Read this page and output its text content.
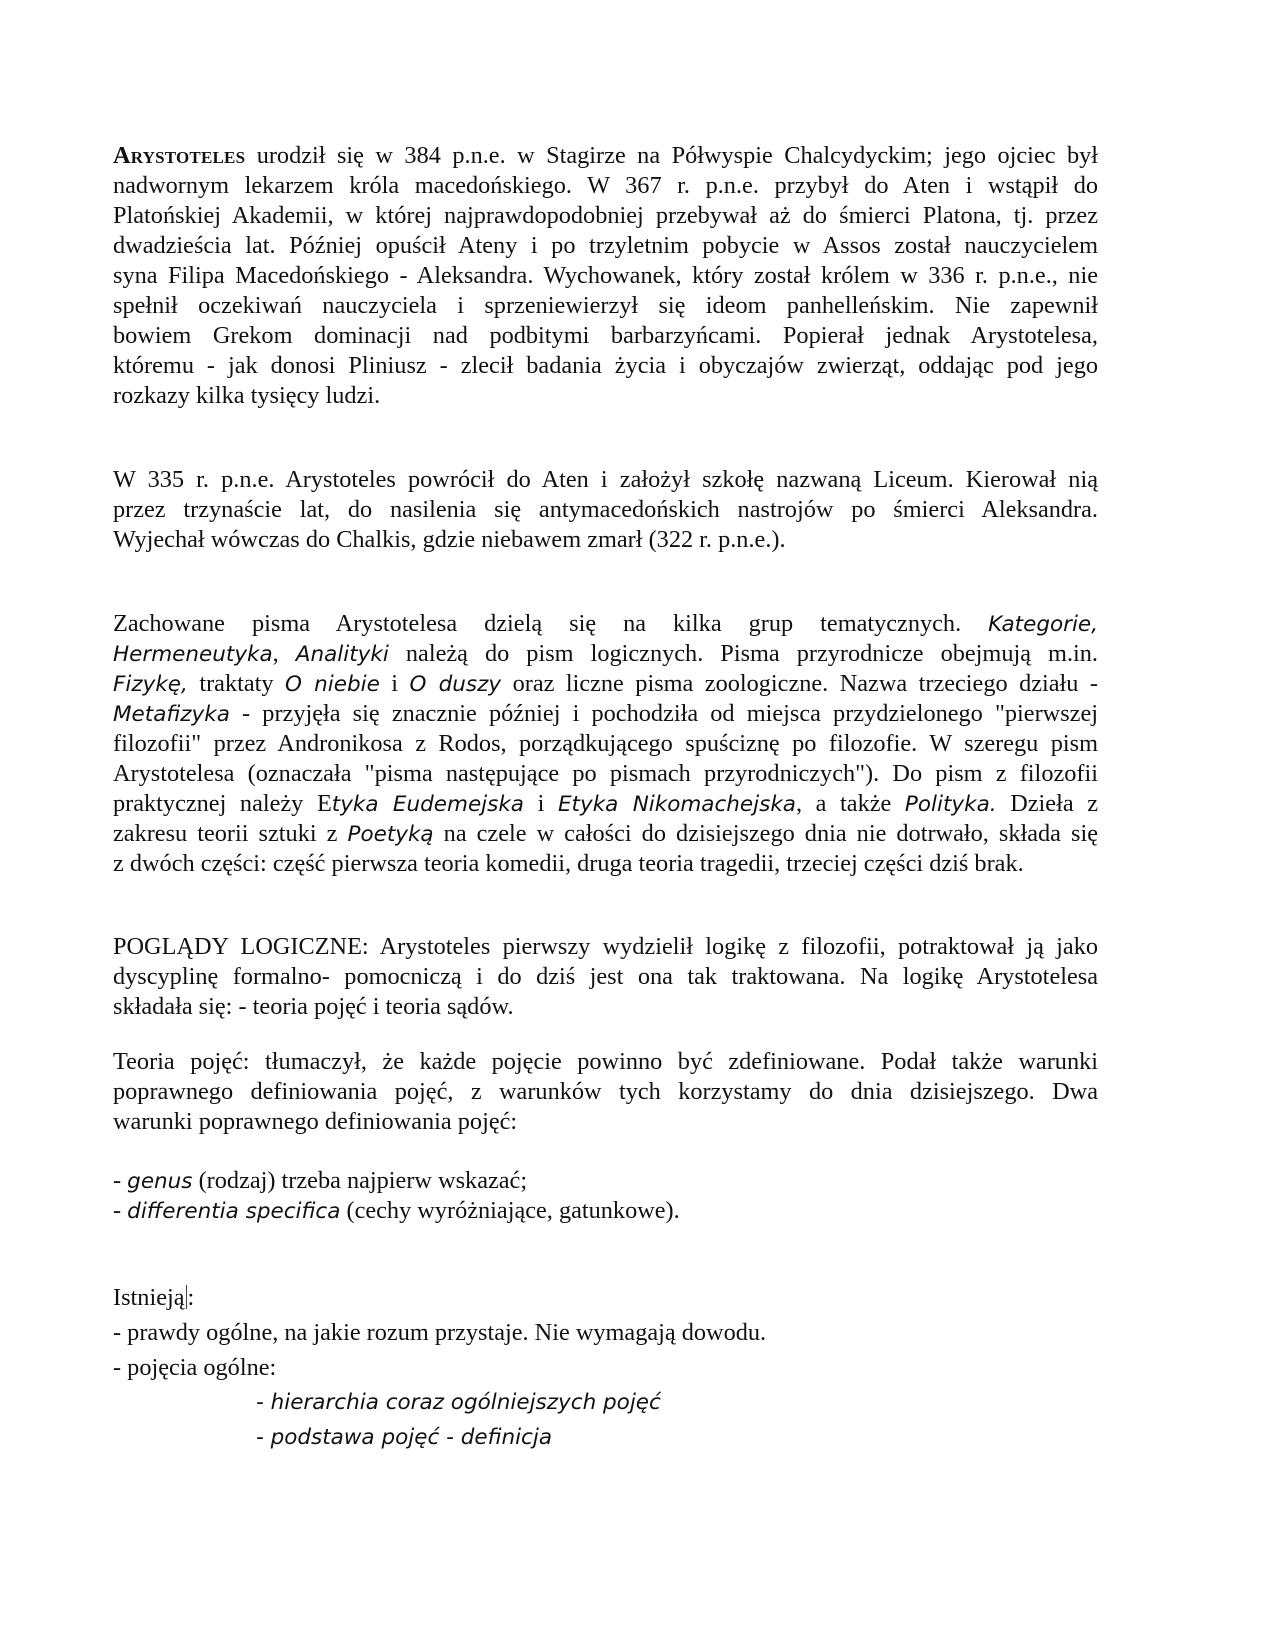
Arystoteles urodził się w 384 p.n.e. w Stagirze na Półwyspie Chalcydyckim; jego ojciec był
nadwornym lekarzem króla macedońskiego. W 367 r. p.n.e. przybył do Aten i wstąpił do
Platońskiej Akademii, w której najprawdopodobniej przebywał aż do śmierci Platona, tj. przez
dwadzieścia lat. Później opuścił Ateny i po trzyletnim pobycie w Assos został nauczycielem
syna Filipa Macedońskiego - Aleksandra. Wychowanek, który został królem w 336 r. p.n.e., nie
spełnił oczekiwań nauczyciela i sprzeniewierzył się ideom panhelleńskim. Nie zapewnił
bowiem Grekom dominacji nad podbitymi barbarzyńcami. Popierał jednak Arystotelesa,
któremu - jak donosi Pliniusz - zlecił badania życia i obyczajów zwierząt, oddając pod jego
rozkazy kilka tysięcy ludzi.
W 335 r. p.n.e. Arystoteles powrócił do Aten i założył szkołę nazwaną Liceum. Kierował nią
przez trzynaście lat, do nasilenia się antymacedońskich nastrojów po śmierci Aleksandra.
Wyjechał wówczas do Chalkis, gdzie niebawem zmarł (322 r. p.n.e.).
Zachowane pisma Arystotelesa dzielą się na kilka grup tematycznych. Kategorie,
Hermeneutyka, Analityki należą do pism logicznych. Pisma przyrodnicze obejmują m.in.
Fizykę, traktaty O niebie i O duszy oraz liczne pisma zoologiczne. Nazwa trzeciego działu -
Metafizyka - przyjęła się znacznie później i pochodziła od miejsca przydzielonego "pierwszej
filozofii" przez Andronikosa z Rodos, porządkującego spuściznę po filozofie. W szeregu pism
Arystotelesa (oznaczała "pisma następujące po pismach przyrodniczych"). Do pism z filozofii
praktycznej należy Etyka Eudemejska i Etyka Nikomachejska, a także Polityka. Dzieła z
zakresu teorii sztuki z Poetyką na czele w całości do dzisiejszego dnia nie dotrwało, składa się
z dwóch części: część pierwsza teoria komedii, druga teoria tragedii, trzeciej części dziś brak.
POGLĄDY LOGICZNE: Arystoteles pierwszy wydzielił logikę z filozofii, potraktował ją jako
dyscyplinę formalno- pomocniczą i do dziś jest ona tak traktowana. Na logikę Arystotelesa
składała się: - teoria pojęć i teoria sądów.
Teoria pojęć: tłumaczył, że każde pojęcie powinno być zdefiniowane. Podał także warunki
poprawnego definiowania pojęć, z warunków tych korzystamy do dnia dzisiejszego. Dwa
warunki poprawnego definiowania pojęć:
- genus (rodzaj) trzeba najpierw wskazać;
- differentia specifica (cechy wyróżniające, gatunkowe).
Istnieją :
- prawdy ogólne, na jakie rozum przystaje. Nie wymagają dowodu.
- pojęcia ogólne:
- hierarchia coraz ogólniejszych pojęć
- podstawa pojęć - definicja
